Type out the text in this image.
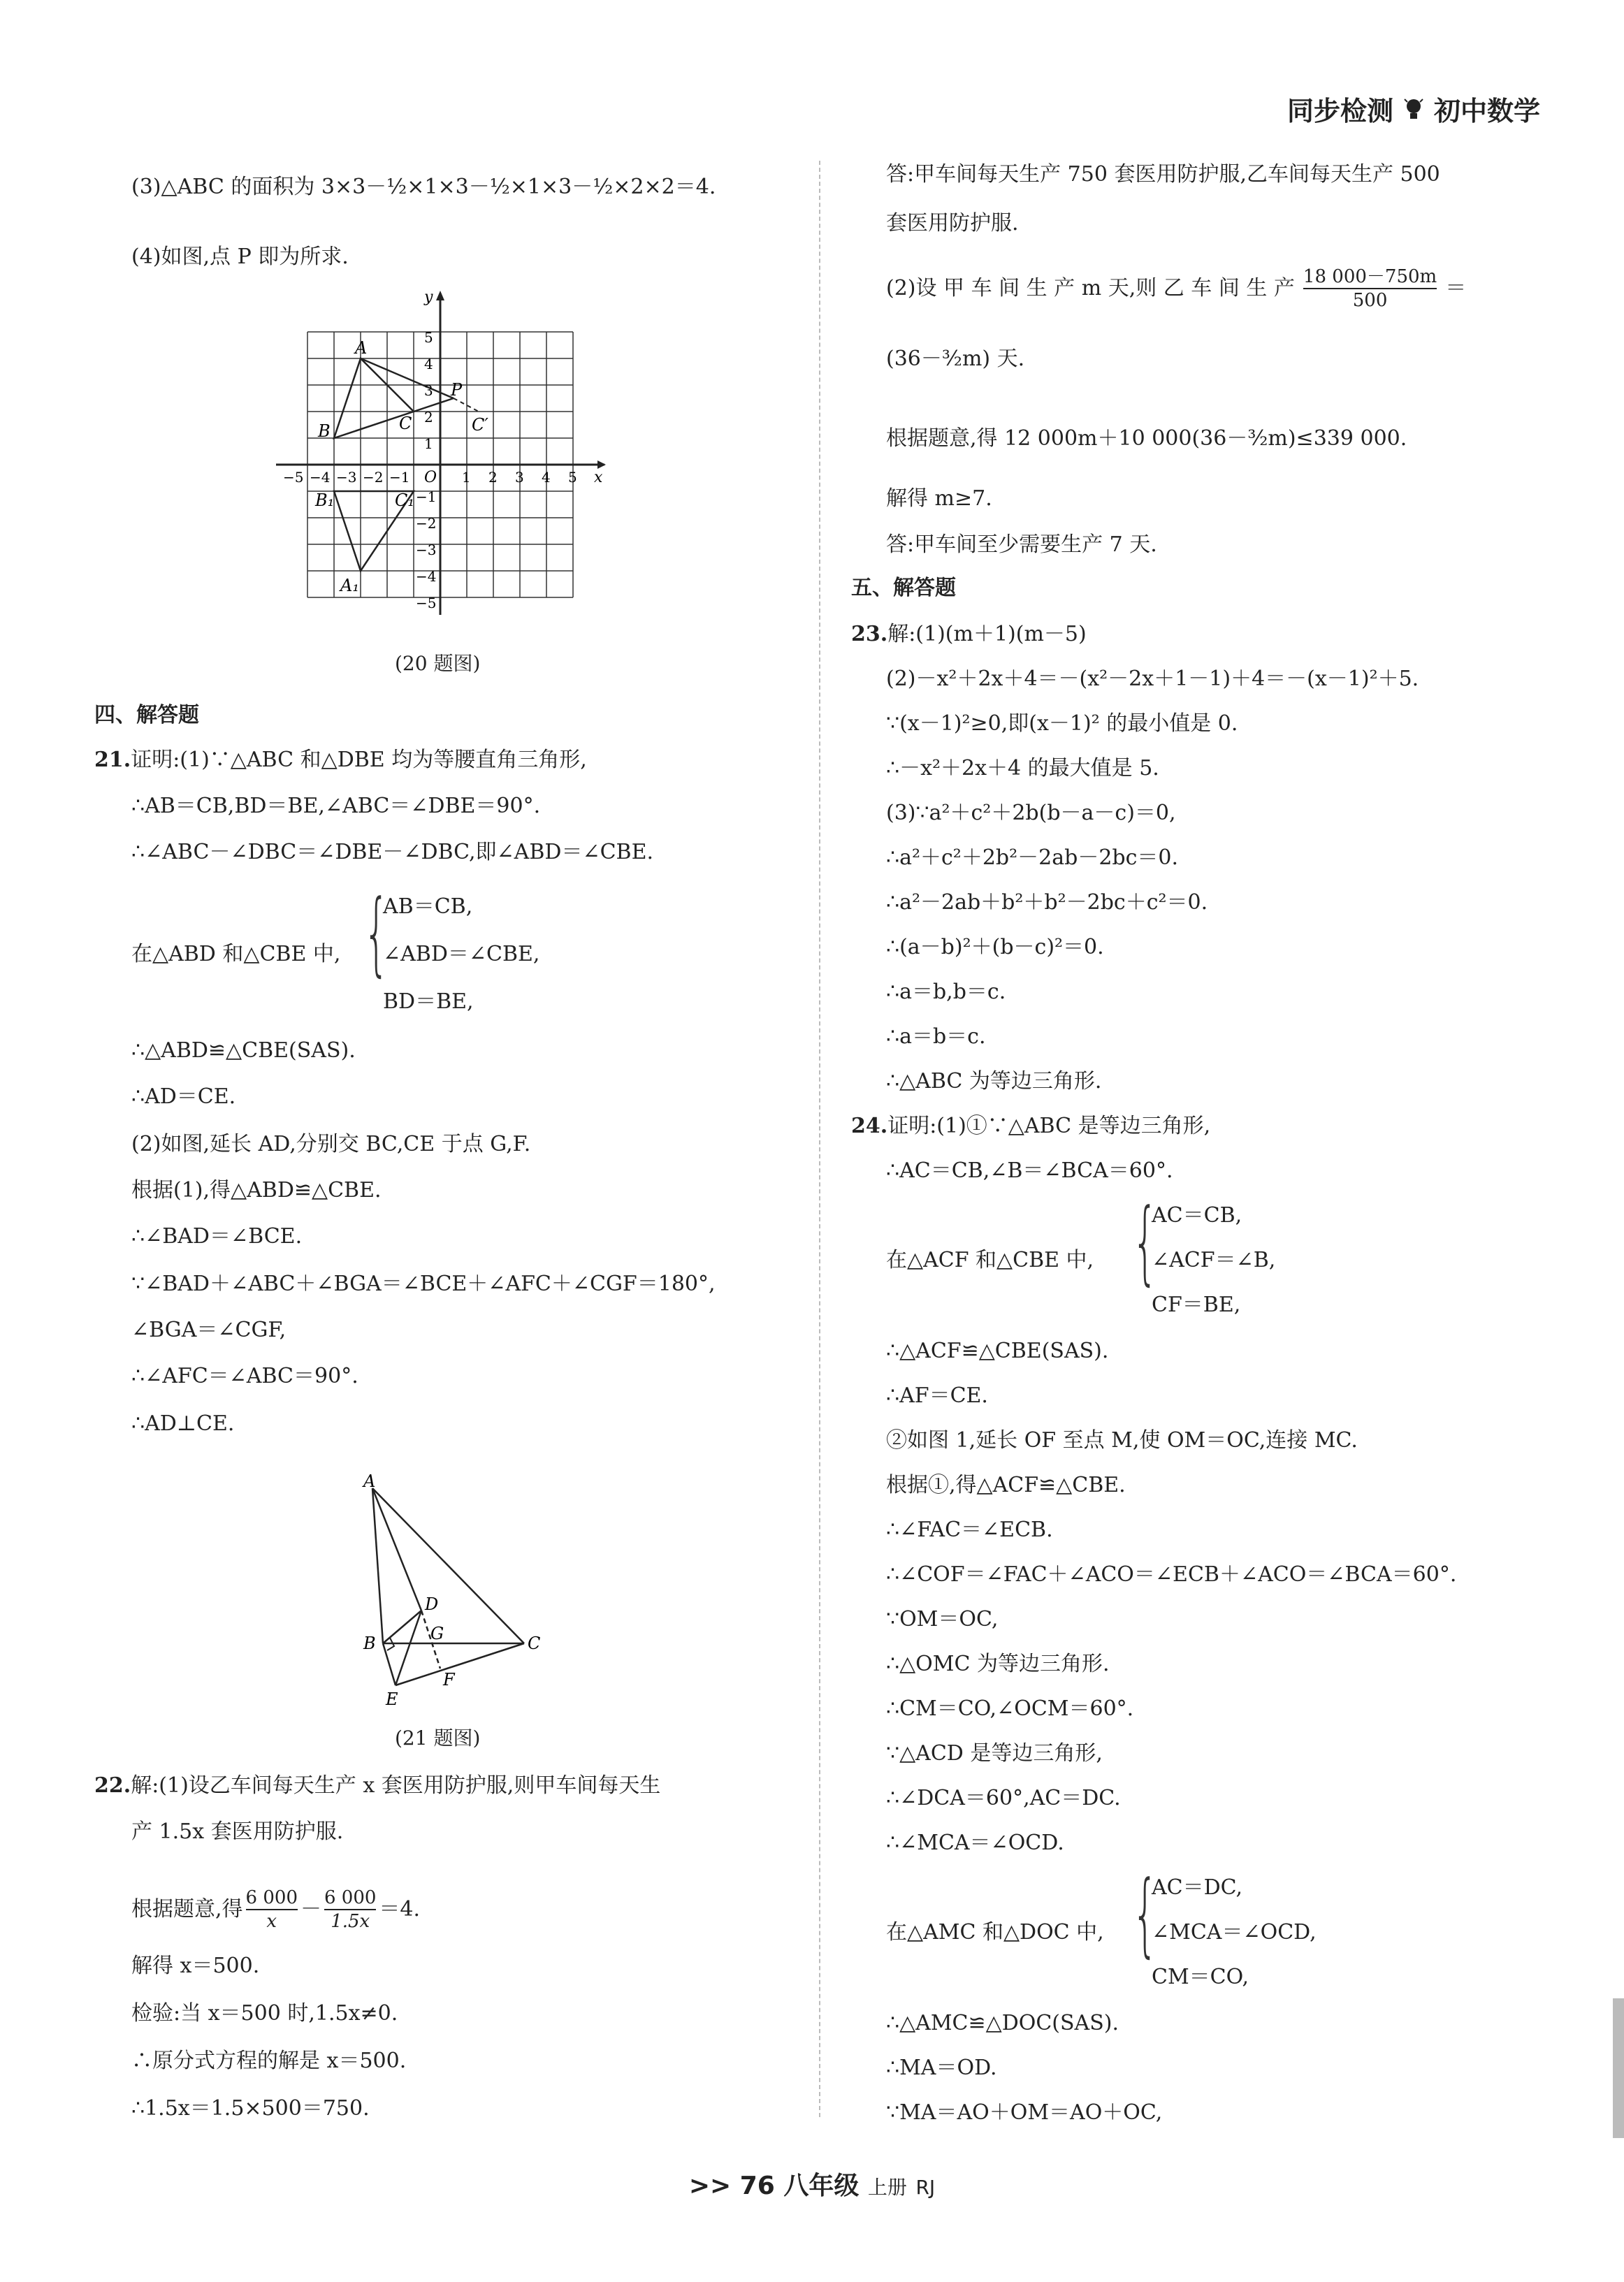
同步检测 初中数学
(3)△ABC 的面积为 3×3－½×1×3－½×1×3－½×2×2＝4.
(4)如图,点 P 即为所求.
A
B	C
P
C′
B₁	C₁
A₁
O	x
y
−5 −4 −3 −2 −1	1 2 3 4 5
5
4
3
2
1
−1
−2
−3
−4
−5
(20 题图)
四、解答题
21.证明:(1)∵△ABC 和△DBE 均为等腰直角三角形,
∴AB＝CB,BD＝BE,∠ABC＝∠DBE＝90°.
∴∠ABC－∠DBC＝∠DBE－∠DBC,即∠ABD＝∠CBE.
在△ABD 和△CBE 中, {
AB＝CB,
∠ABD＝∠CBE,
BD＝BE,
∴△ABD≌△CBE(SAS).
∴AD＝CE.
(2)如图,延长 AD,分别交 BC,CE 于点 G,F.
根据(1),得△ABD≌△CBE.
∴∠BAD＝∠BCE.
∵∠BAD＋∠ABC＋∠BGA＝∠BCE＋∠AFC＋∠CGF＝180°,
∠BGA＝∠CGF,
∴∠AFC＝∠ABC＝90°.
∴AD⊥CE.
A
B	C
D
E
F
G
(21 题图)
22.解:(1)设乙车间每天生产 x 套医用防护服,则甲车间每天生
产 1.5x 套医用防护服.
根据题意,得 $\frac{6 000}{x} - \frac{6 000}{1.5x} =4$.
解得 x＝500.
检验:当 x＝500 时,1.5x≠0.
∴原分式方程的解是 x＝500.
∴1.5x＝1.5×500＝750.
答:甲车间每天生产 750 套医用防护服,乙车间每天生产 500
套医用防护服.
(2)设 甲 车 间 生 产 m 天,则 乙 车 间 生 产 $\frac{18 000-750m}{500}$ ＝
(36－³⁄₂m) 天.
根据题意,得 12 000m＋10 000(36－³⁄₂m)≤339 000.
解得 m≥7.
答:甲车间至少需要生产 7 天.
五、解答题
23.解:(1)(m＋1)(m－5)
(2)－x²＋2x＋4＝－(x²－2x＋1－1)＋4＝－(x－1)²＋5.
∵(x－1)²≥0,即(x－1)² 的最小值是 0.
∴－x²＋2x＋4 的最大值是 5.
(3)∵a²＋c²＋2b(b－a－c)＝0,
∴a²＋c²＋2b²－2ab－2bc＝0.
∴a²－2ab＋b²＋b²－2bc＋c²＝0.
∴(a－b)²＋(b－c)²＝0.
∴a＝b,b＝c.
∴a＝b＝c.
∴△ABC 为等边三角形.
24.证明:(1)①∵△ABC 是等边三角形,
∴AC＝CB,∠B＝∠BCA＝60°.
在△ACF 和△CBE 中, {
AC＝CB,
∠ACF＝∠B,
CF＝BE,
∴△ACF≌△CBE(SAS).
∴AF＝CE.
②如图 1,延长 OF 至点 M,使 OM＝OC,连接 MC.
根据①,得△ACF≌△CBE.
∴∠FAC＝∠ECB.
∴∠COF＝∠FAC＋∠ACO＝∠ECB＋∠ACO＝∠BCA＝60°.
∵OM＝OC,
∴△OMC 为等边三角形.
∴CM＝CO,∠OCM＝60°.
∵△ACD 是等边三角形,
∴∠DCA＝60°,AC＝DC.
∴∠MCA＝∠OCD.
在△AMC 和△DOC 中, {
AC＝DC,
∠MCA＝∠OCD,
CM＝CO,
∴△AMC≌△DOC(SAS).
∴MA＝OD.
∵MA＝AO＋OM＝AO＋OC,
>> 76 八年级 上册 RJ
